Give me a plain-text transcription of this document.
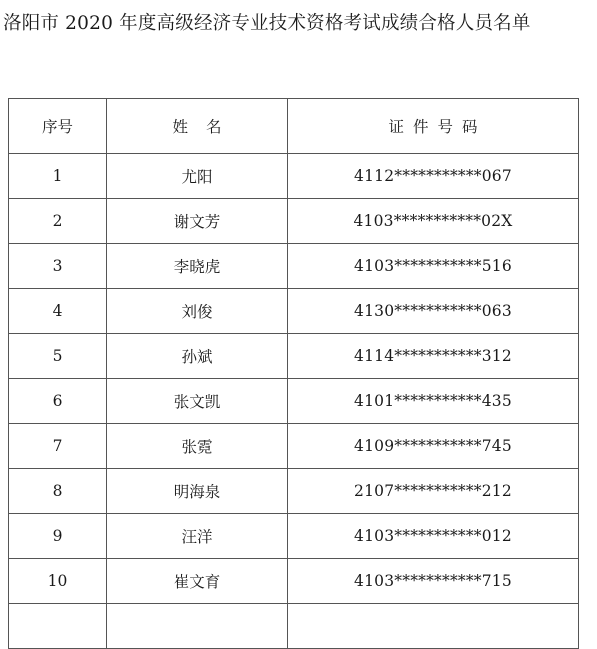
洛阳市 2020 年度高级经济专业技术资格考试成绩合格人员名单
序号	姓名	证件号码
1	尤阳	4112***********067
2	谢文芳	4103***********02X
3	李晓虎	4103***********516
4	刘俊	4130***********063
5	孙斌	4114***********312
6	张文凯	4101***********435
7	张霓	4109***********745
8	明海泉	2107***********212
9	汪洋	4103***********012
10	崔文育	4103***********715
